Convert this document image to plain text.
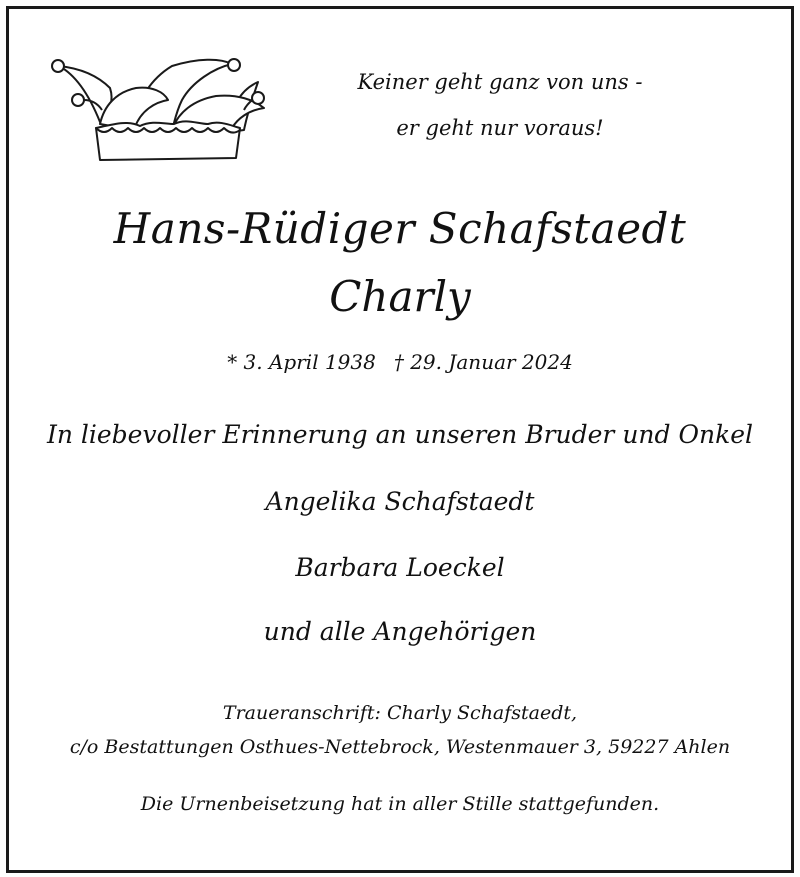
Keiner geht ganz von uns -
er geht nur voraus!
Hans-Rüdiger Schafstaedt
Charly
* 3. April 1938 † 29. Januar 2024
In liebevoller Erinnerung an unseren Bruder und Onkel
Angelika Schafstaedt
Barbara Loeckel
und alle Angehörigen
Traueranschrift: Charly Schafstaedt,
c/o Bestattungen Osthues-Nettebrock, Westenmauer 3, 59227 Ahlen
Die Urnenbeisetzung hat in aller Stille stattgefunden.
